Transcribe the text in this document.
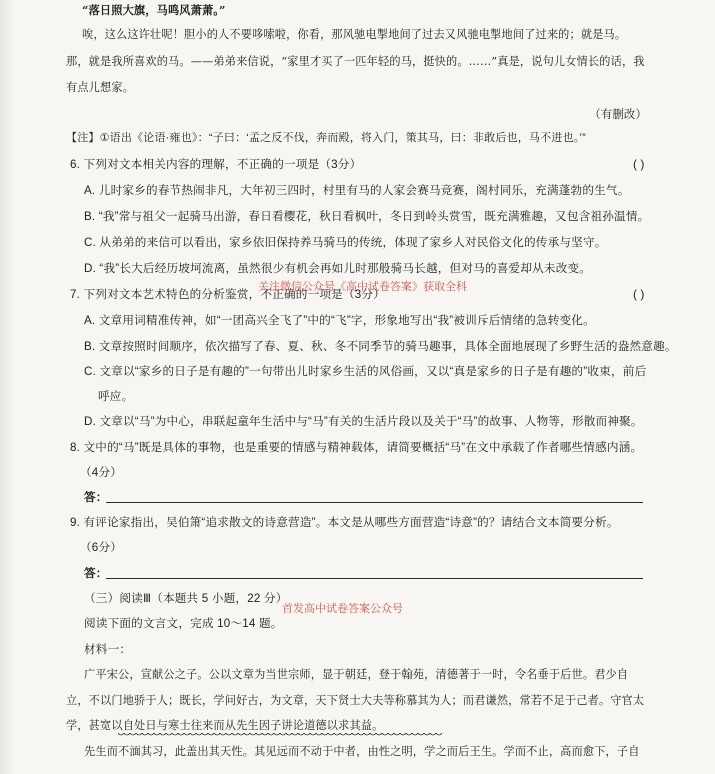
“落日照大旗，马鸣风萧萧。”
唉，这么这许壮呢！胆小的人不要哆嗦啦，你看，那风驰电掣地间了过去又风驰电掣地间了过来的；就是马。
那，就是我所喜欢的马。——弟弟来信说，“家里才买了一匹年轻的马，挺快的。……”真是，说句儿女情长的话，我
有点儿想家。
（有删改）
【注】①语出《论语·雍也》：“子曰：‘孟之反不伐，奔而殿，将入门，策其马，曰：非敢后也，马不进也。’”
6. 下列对文本相关内容的理解，不正确的一项是（3分）	( )
A. 儿时家乡的春节热闹非凡，大年初三四时，村里有马的人家会赛马竞赛，阁村同乐，充满蓬勃的生气。
B. “我”常与祖父一起骑马出游，春日看樱花，秋日看枫叶，冬日到岭头赏雪，既充满雅趣，又包含祖孙温情。
C. 从弟弟的来信可以看出，家乡依旧保持养马骑马的传统，体现了家乡人对民俗文化的传承与坚守。
D. “我”长大后经历坡坷流离，虽然很少有机会再如儿时那般骑马长越，但对马的喜爱却从未改变。
7. 下列对文本艺术特色的分析鉴赏，不正确的一项是（3分）
关注微信公众号《高中试卷答案》获取全科
( )
A. 文章用词精准传神，如“一团高兴全飞了”中的“飞”字，形象地写出“我”被训斥后情绪的急转变化。
B. 文章按照时间顺序，依次描写了春、夏、秋、冬不同季节的骑马趣事，具体全面地展现了乡野生活的盎然意趣。
C. 文章以“家乡的日子是有趣的”一句带出儿时家乡生活的风俗画，又以“真是家乡的日子是有趣的”收束，前后
呼应。
D. 文章以“马”为中心，串联起童年生活中与“马”有关的生活片段以及关于“马”的故事、人物等，形散而神聚。
8. 文中的“马”既是具体的事物，也是重要的情感与精神载体，请简要概括“马”在文中承载了作者哪些情感内涵。
（4分）
答：
9. 有评论家指出，吴伯箫“追求散文的诗意营造”。本文是从哪些方面营造“诗意”的？请结合文本简要分析。
（6分）
答：
（三）阅读Ⅲ（本题共 5 小题，22 分）
首发高中试卷答案公众号
阅读下面的文言文，完成 10～14 题。
材料一：
广平宋公，宣献公之子。公以文章为当世宗师，显于朝廷，登于翰苑，清德著于一时，令名垂于后世。君少自
立，不以门地骄于人；既长，学问好古，为文章，天下贤士大夫等称慕其为人；而君谦然，常若不足于己者。守官太
学，甚宽以自处日与寒士往来而从先生因子讲论道德以求其益。
先生而不湎其习，此盖出其天性。其见远而不动于中者，由性之明，学之而后王生。学而不止，高而愈下，子自
